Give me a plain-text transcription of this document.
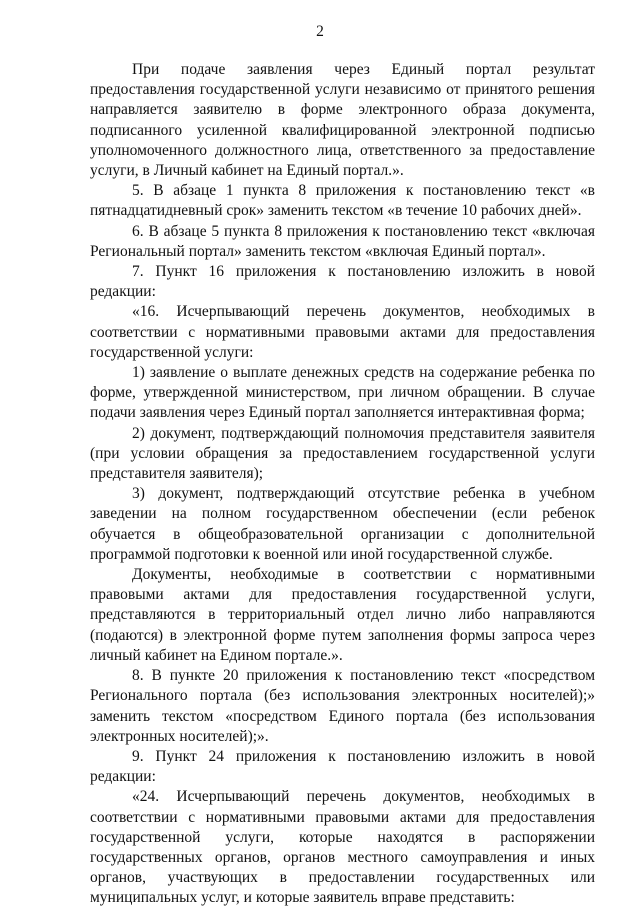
2

При подаче заявления через Единый портал результат предоставления государственной услуги независимо от принятого решения направляется заявителю в форме электронного образа документа, подписанного усиленной квалифицированной электронной подписью уполномоченного должностного лица, ответственного за предоставление услуги, в Личный кабинет на Единый портал.».

5. В абзаце 1 пункта 8 приложения к постановлению текст «в пятнадцатидневный срок» заменить текстом «в течение 10 рабочих дней».

6. В абзаце 5 пункта 8 приложения к постановлению текст «включая Региональный портал» заменить текстом «включая Единый портал».

7. Пункт 16 приложения к постановлению изложить в новой редакции:

«16. Исчерпывающий перечень документов, необходимых в соответствии с нормативными правовыми актами для предоставления государственной услуги:

1) заявление о выплате денежных средств на содержание ребенка по форме, утвержденной министерством, при личном обращении. В случае подачи заявления через Единый портал заполняется интерактивная форма;

2) документ, подтверждающий полномочия представителя заявителя (при условии обращения за предоставлением государственной услуги представителя заявителя);

3) документ, подтверждающий отсутствие ребенка в учебном заведении на полном государственном обеспечении (если ребенок обучается в общеобразовательной организации с дополнительной программой подготовки к военной или иной государственной службе.

Документы, необходимые в соответствии с нормативными правовыми актами для предоставления государственной услуги, представляются в территориальный отдел лично либо направляются (подаются) в электронной форме путем заполнения формы запроса через личный кабинет на Едином портале.».

8. В пункте 20 приложения к постановлению текст «посредством Регионального портала (без использования электронных носителей);» заменить текстом «посредством Единого портала (без использования электронных носителей);».

9. Пункт 24 приложения к постановлению изложить в новой редакции:

«24. Исчерпывающий перечень документов, необходимых в соответствии с нормативными правовыми актами для предоставления государственной услуги, которые находятся в распоряжении государственных органов, органов местного самоуправления и иных органов, участвующих в предоставлении государственных или муниципальных услуг, и которые заявитель вправе представить:
